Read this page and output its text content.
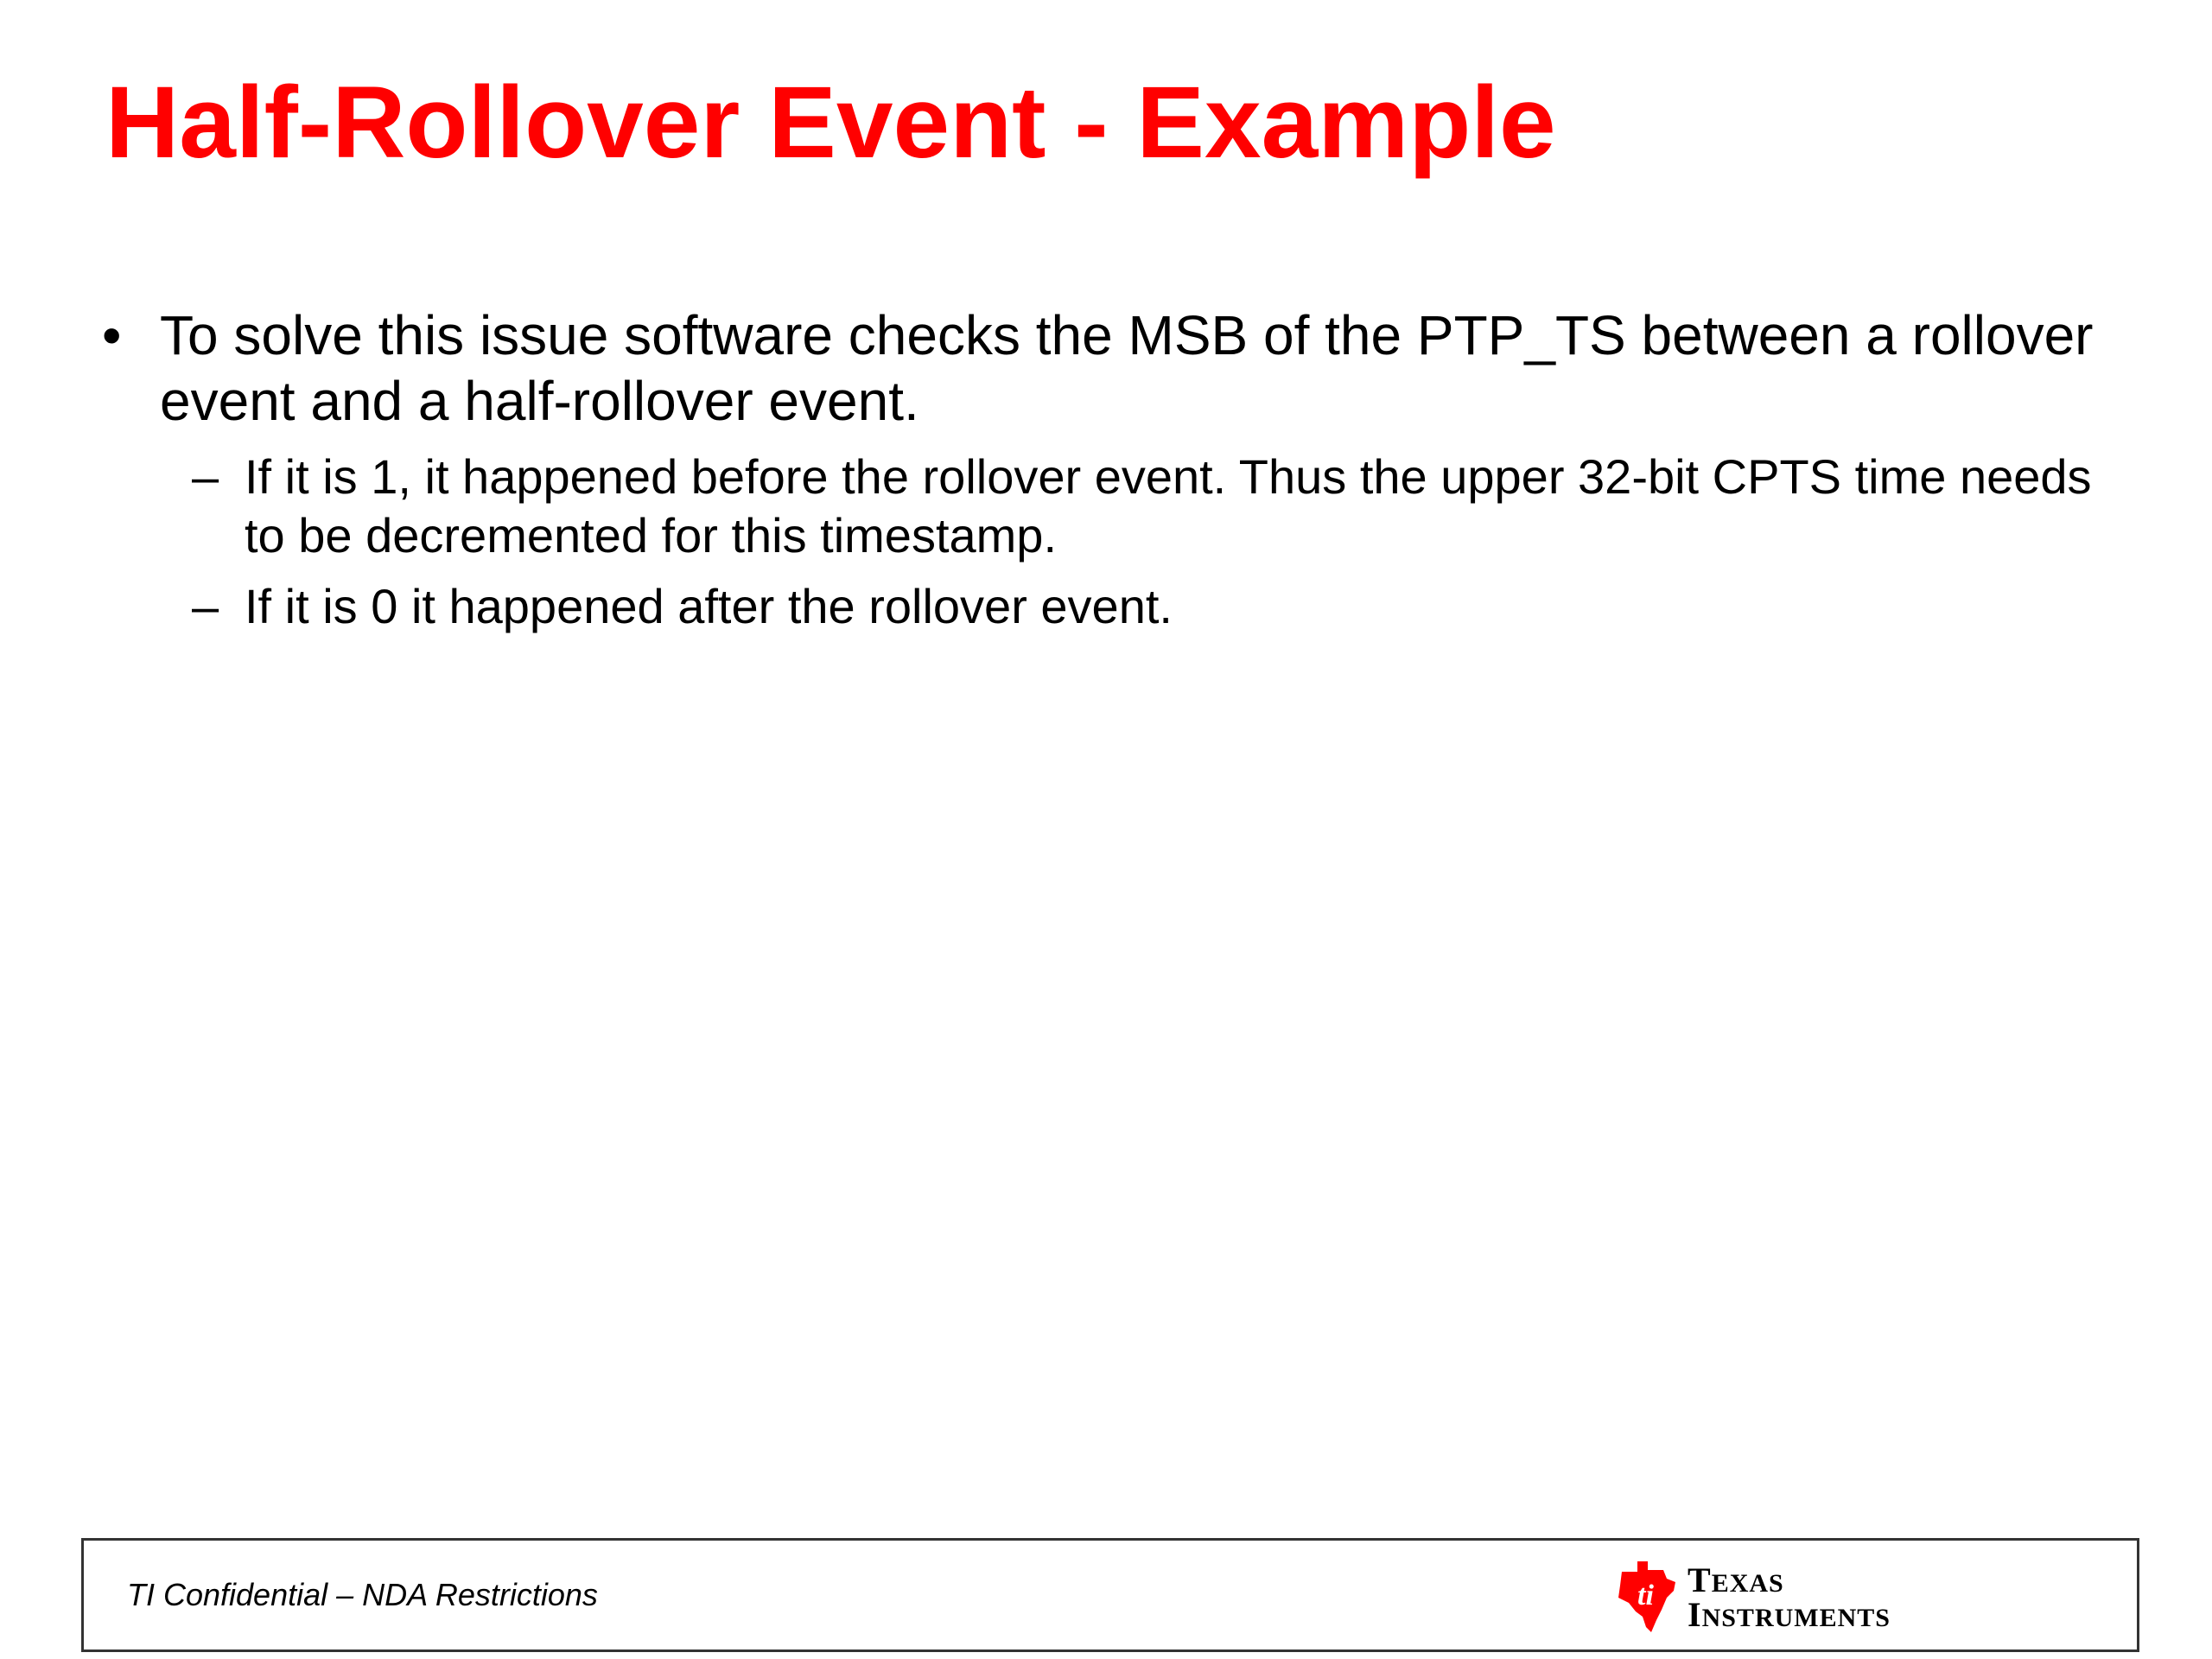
Half-Rollover Event - Example
• To solve this issue software checks the MSB of the PTP_TS between a rollover event and a half-rollover event.
– If it is 1, it happened before the rollover event. Thus the upper 32-bit CPTS time needs to be decremented for this timestamp.
– If it is 0 it happened after the rollover event.
TI Confidential – NDA Restrictions	ti TEXAS
INSTRUMENTS
